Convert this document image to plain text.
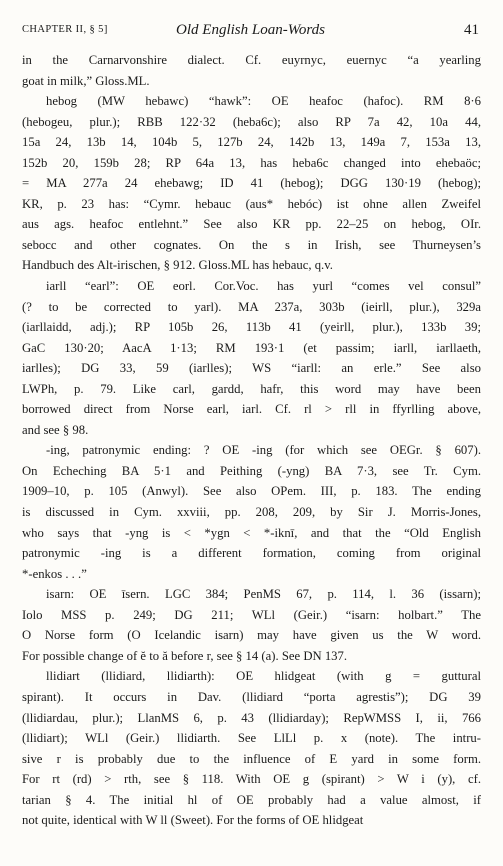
CHAPTER II, § 5]	Old English Loan-Words	41

in the Carnarvonshire dialect. Cf. euyrnyc, euernyc “a yearling

goat in milk,” Gloss.ML.

hebog (MW hebawc) “hawk”: OE heafoc (hafoc). RM 8·6

(hebogeu, plur.); RBB 122·32 (heba6c); also RP 7a 42, 10a 44,

15a 24, 13b 14, 104b 5, 127b 24, 142b 13, 149a 7, 153a 13,

152b 20, 159b 28; RP 64a 13, has heba6c changed into ehebaöc;

= MA 277a 24 ehebawg; ID 41 (hebog); DGG 130·19 (hebog);

KR, p. 23 has: “Cymr. hebauc (aus* hebóc) ist ohne allen Zweifel

aus ags. heafoc entlehnt.” See also KR pp. 22–25 on hebog, OIr.

sebocc and other cognates. On the s in Irish, see Thurneysen’s

Handbuch des Alt-irischen, § 912. Gloss.ML has hebauc, q.v.

iarll “earl”: OE eorl. Cor.Voc. has yurl “comes vel consul”

(? to be corrected to yarl). MA 237a, 303b (ieirll, plur.), 329a

(iarllaidd, adj.); RP 105b 26, 113b 41 (yeirll, plur.), 133b 39;

GaC 130·20; AacA 1·13; RM 193·1 (et passim; iarll, iarllaeth,

iarlles); DG 33, 59 (iarlles); WS “iarll: an erle.” See also

LWPh, p. 79. Like carl, gardd, hafr, this word may have been

borrowed direct from Norse earl, iarl. Cf. rl > rll in ffyrlling above,

and see § 98.

-ing, patronymic ending: ? OE -ing (for which see OEGr. § 607).

On Echeching BA 5·1 and Peithing (-yng) BA 7·3, see Tr. Cym.

1909–10, p. 105 (Anwyl). See also OPem. III, p. 183. The ending

is discussed in Cym. xxviii, pp. 208, 209, by Sir J. Morris-Jones,

who says that -yng is < *ygn < *-iknī, and that the “Old English

patronymic -ing is a different formation, coming from original

*-enkos . . .”

isarn: OE īsern. LGC 384; PenMS 67, p. 114, l. 36 (issarn);

Iolo MSS p. 249; DG 211; WLl (Geir.) “isarn: holbart.” The

O Norse form (O Icelandic isarn) may have given us the W word.

For possible change of ĕ to ă before r, see § 14 (a). See DN 137.

llidiart (llidiard, llidiarth): OE hlidgeat (with g = guttural

spirant). It occurs in Dav. (llidiard “porta agrestis”); DG 39

(llidiardau, plur.); LlanMS 6, p. 43 (llidiarday); RepWMSS I, ii, 766

(llidiart); WLl (Geir.) llidiarth. See LlLl p. x (note). The intru-

sive r is probably due to the influence of E yard in some form.

For rt (rd) > rth, see § 118. With OE g (spirant) > W i (y), cf.

tarian § 4. The initial hl of OE probably had a value almost, if

not quite, identical with W ll (Sweet). For the forms of OE hlidgeat
